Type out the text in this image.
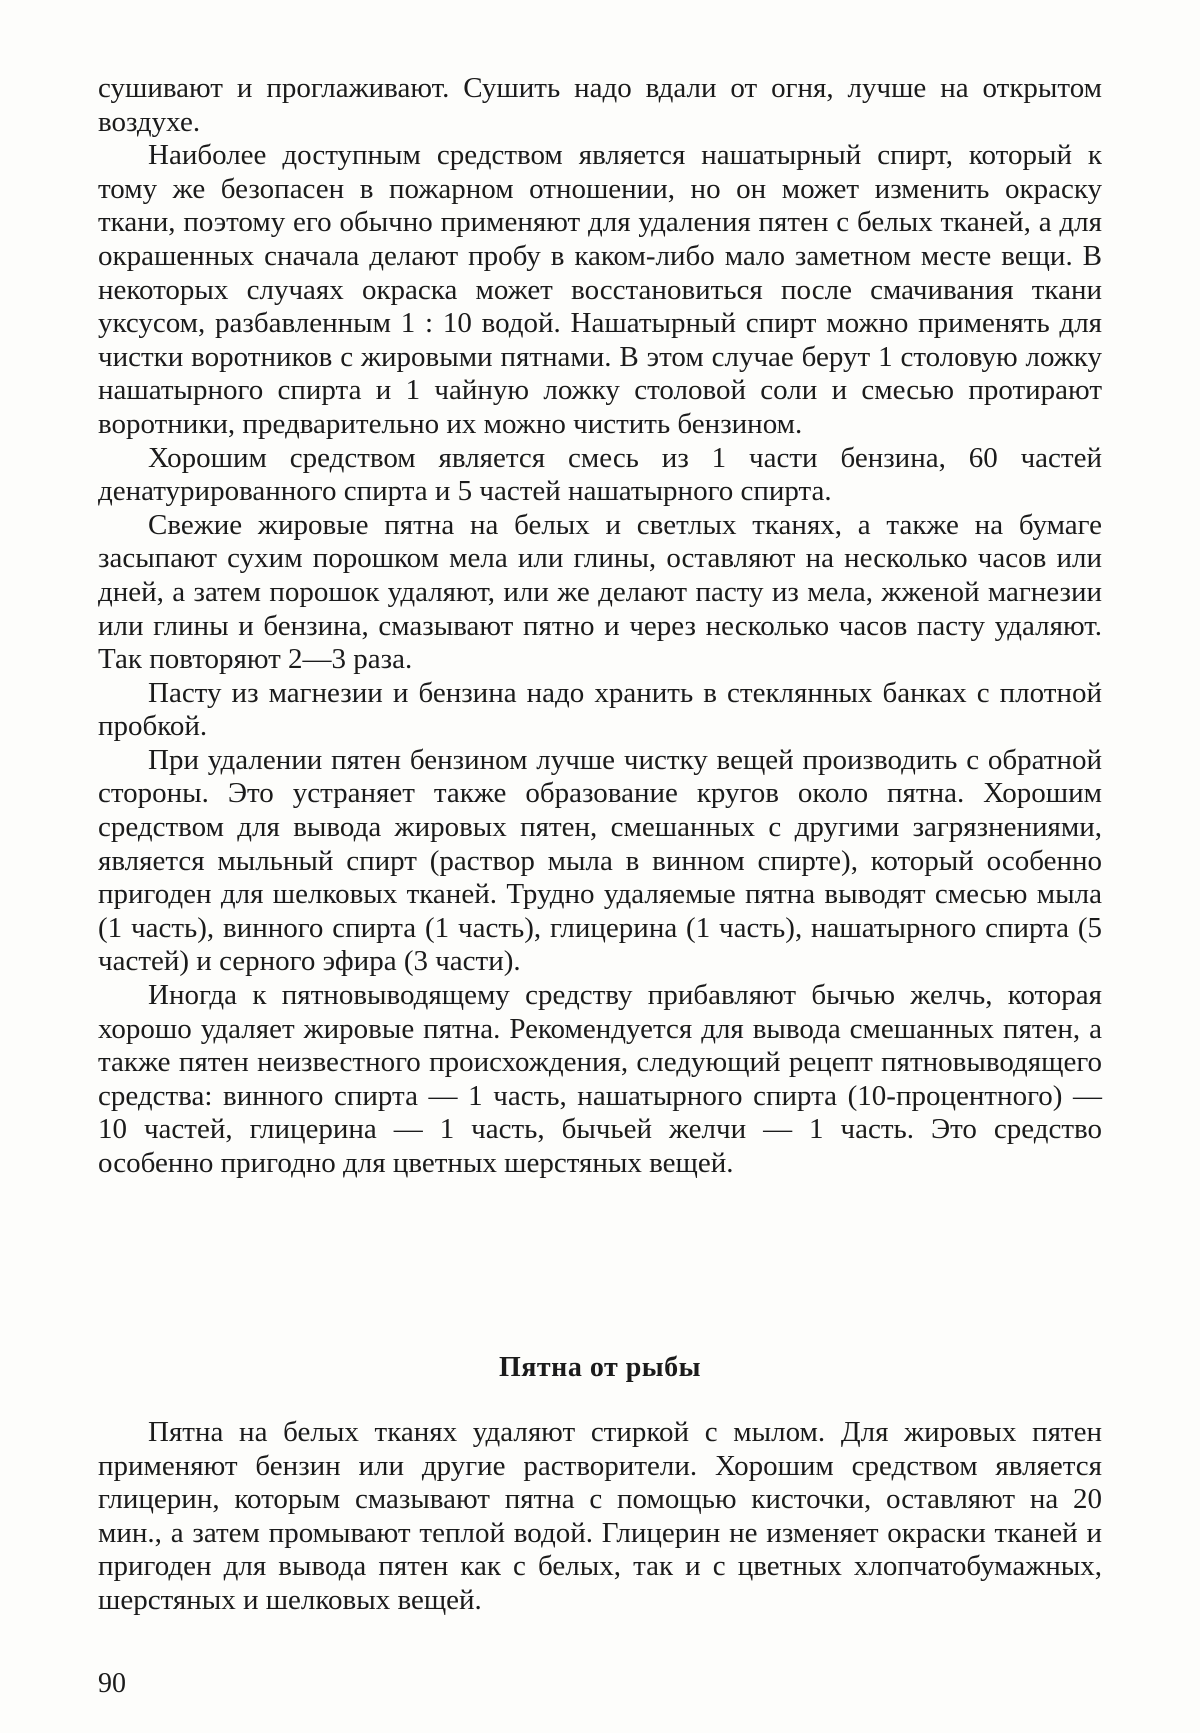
сушивают и проглаживают. Сушить надо вдали от огня, лучше на открытом воздухе.

Наиболее доступным средством является нашатырный спирт, который к тому же безопасен в пожарном отношении, но он может изменить окраску ткани, поэтому его обычно применяют для удаления пятен с белых тканей, а для окрашенных сначала делают пробу в каком-либо мало заметном месте вещи. В некоторых случаях окраска может восстановиться после смачивания ткани уксусом, разбавленным 1 : 10 водой. Нашатырный спирт можно применять для чистки воротников с жировыми пятнами. В этом случае берут 1 столовую ложку нашатырного спирта и 1 чайную ложку столовой соли и смесью протирают воротники, предварительно их можно чистить бензином.

Хорошим средством является смесь из 1 части бензина, 60 частей денатурированного спирта и 5 частей нашатырного спирта.

Свежие жировые пятна на белых и светлых тканях, а также на бумаге засыпают сухим порошком мела или глины, оставляют на несколько часов или дней, а затем порошок удаляют, или же делают пасту из мела, жженой магнезии или глины и бензина, смазывают пятно и через несколько часов пасту удаляют. Так повторяют 2—3 раза.

Пасту из магнезии и бензина надо хранить в стеклянных банках с плотной пробкой.

При удалении пятен бензином лучше чистку вещей производить с обратной стороны. Это устраняет также образование кругов около пятна. Хорошим средством для вывода жировых пятен, смешанных с другими загрязнениями, является мыльный спирт (раствор мыла в винном спирте), который особенно пригоден для шелковых тканей. Трудно удаляемые пятна выводят смесью мыла (1 часть), винного спирта (1 часть), глицерина (1 часть), нашатырного спирта (5 частей) и серного эфира (3 части).

Иногда к пятновыводящему средству прибавляют бычью желчь, которая хорошо удаляет жировые пятна. Рекомендуется для вывода смешанных пятен, а также пятен неизвестного происхождения, следующий рецепт пятновыводящего средства: винного спирта — 1 часть, нашатырного спирта (10-процентного) — 10 частей, глицерина — 1 часть, бычьей желчи — 1 часть. Это средство особенно пригодно для цветных шерстяных вещей.

Пятна от рыбы

Пятна на белых тканях удаляют стиркой с мылом. Для жировых пятен применяют бензин или другие растворители. Хорошим средством является глицерин, которым смазывают пятна с помощью кисточки, оставляют на 20 мин., а затем промывают теплой водой. Глицерин не изменяет окраски тканей и пригоден для вывода пятен как с белых, так и с цветных хлопчатобумажных, шерстяных и шелковых вещей.

90
